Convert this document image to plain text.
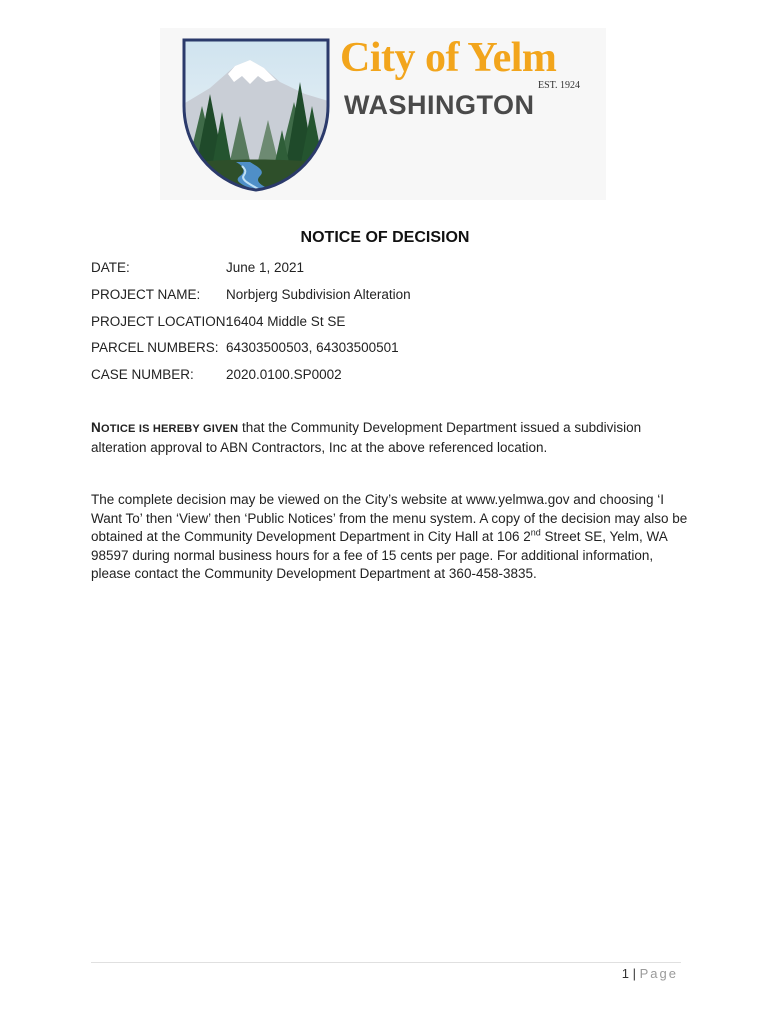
City of Yelm
EST. 1924
WASHINGTON
NOTICE OF DECISION
DATE:	June 1, 2021
PROJECT NAME: Norbjerg Subdivision Alteration
PROJECT LOCATION:16404 Middle St SE
PARCEL NUMBERS: 64303500503, 64303500501
CASE NUMBER: 2020.0100.SP0002
NOTICE IS HEREBY GIVEN that the Community Development Department issued a subdivision alteration approval to ABN Contractors, Inc at the above referenced location.
The complete decision may be viewed on the City’s website at www.yelmwa.gov and choosing ‘I Want To’ then ‘View’ then ‘Public Notices’ from the menu system. A copy of the decision may also be obtained at the Community Development Department in City Hall at 106 2nd Street SE, Yelm, WA 98597 during normal business hours for a fee of 15 cents per page. For additional information, please contact the Community Development Department at 360-458-3835.
1 | Page
